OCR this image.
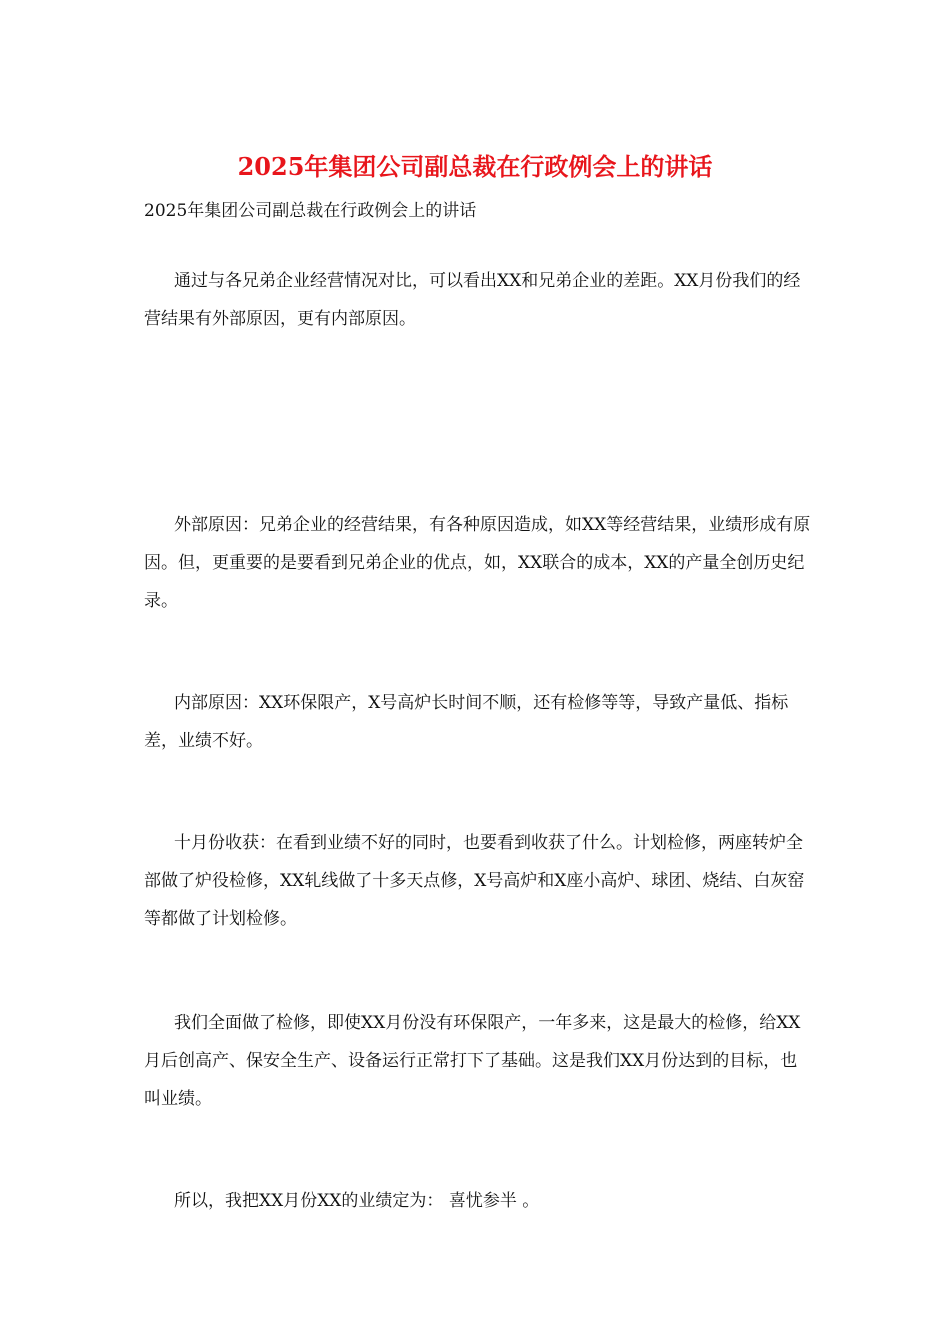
2025年集团公司副总裁在行政例会上的讲话

2025年集团公司副总裁在行政例会上的讲话

通过与各兄弟企业经营情况对比，可以看出XX和兄弟企业的差距。XX月份我们的经营结果有外部原因，更有内部原因。

外部原因：兄弟企业的经营结果，有各种原因造成，如XX等经营结果，业绩形成有原因。但，更重要的是要看到兄弟企业的优点，如，XX联合的成本，XX的产量全创历史纪录。

内部原因：XX环保限产，X号高炉长时间不顺，还有检修等等，导致产量低、指标差，业绩不好。

十月份收获：在看到业绩不好的同时，也要看到收获了什么。计划检修，两座转炉全部做了炉役检修，XX轧线做了十多天点修，X号高炉和X座小高炉、球团、烧结、白灰窑等都做了计划检修。

我们全面做了检修，即使XX月份没有环保限产，一年多来，这是最大的检修，给XX月后创高产、保安全生产、设备运行正常打下了基础。这是我们XX月份达到的目标，也叫业绩。

所以，我把XX月份XX的业绩定为： 喜忧参半 。
